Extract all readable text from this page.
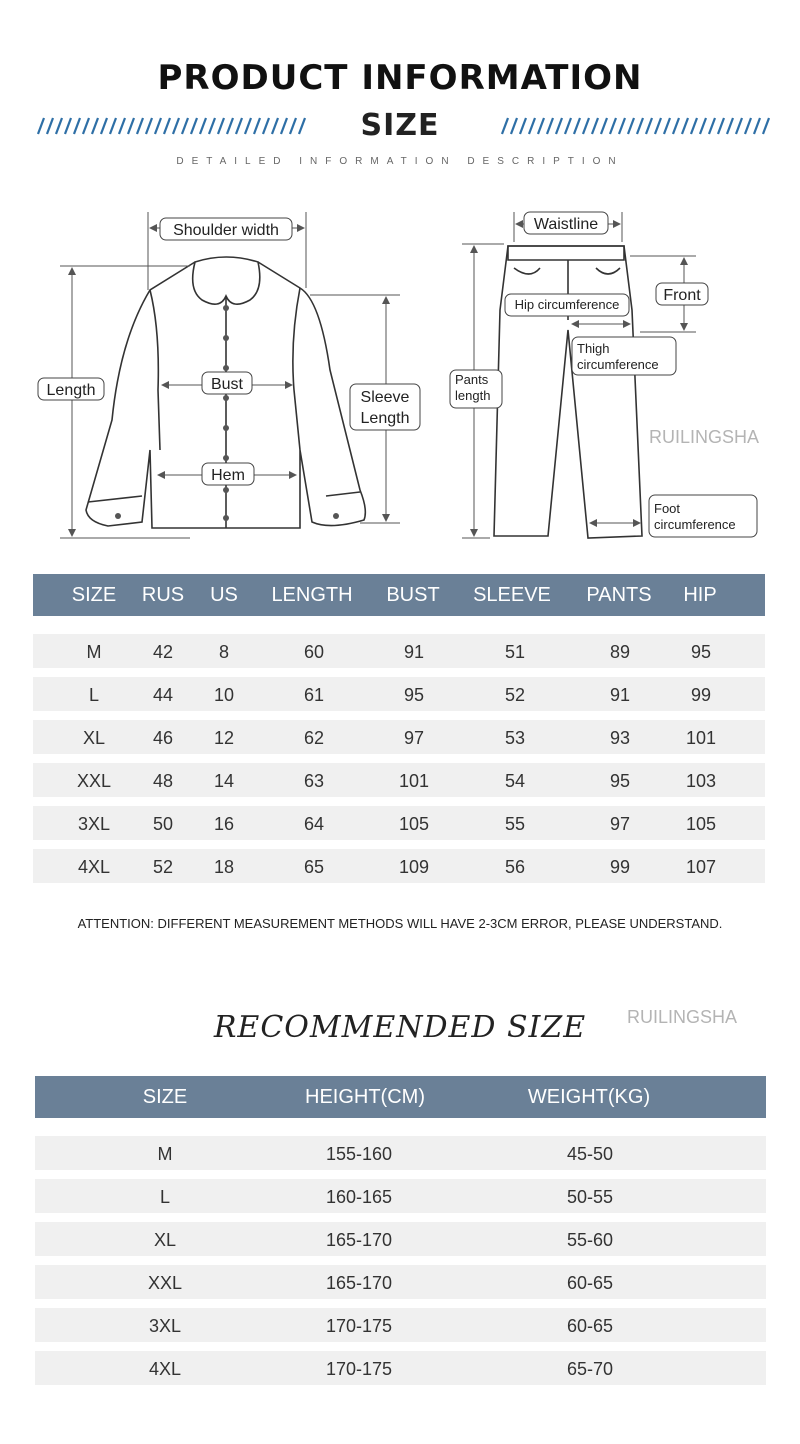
PRODUCT INFORMATION
SIZE
DETAILED INFORMATION DESCRIPTION
Shoulder width
Length	Bust
Hem
Sleeve
Length
Waistline
Front
Hip circumference
Thigh
circumference
Pants
length
Foot
circumference
RUILINGSHA
SIZE	RUS	US	LENGTH	BUST	SLEEVE	PANTS	HIP
M	42	8	60	91	51	89	95
L	44	10	61	95	52	91	99
XL	46	12	62	97	53	93	101
XXL	48	14	63	101	54	95	103
3XL	50	16	64	105	55	97	105
4XL	52	18	65	109	56	99	107
ATTENTION: DIFFERENT MEASUREMENT METHODS WILL HAVE 2-3CM ERROR, PLEASE UNDERSTAND.
RUILINGSHA
RECOMMENDED SIZE
SIZE	HEIGHT(CM)	WEIGHT(KG)
M	155-160	45-50
L	160-165	50-55
XL	165-170	55-60
XXL	165-170	60-65
3XL	170-175	60-65
4XL	170-175	65-70
